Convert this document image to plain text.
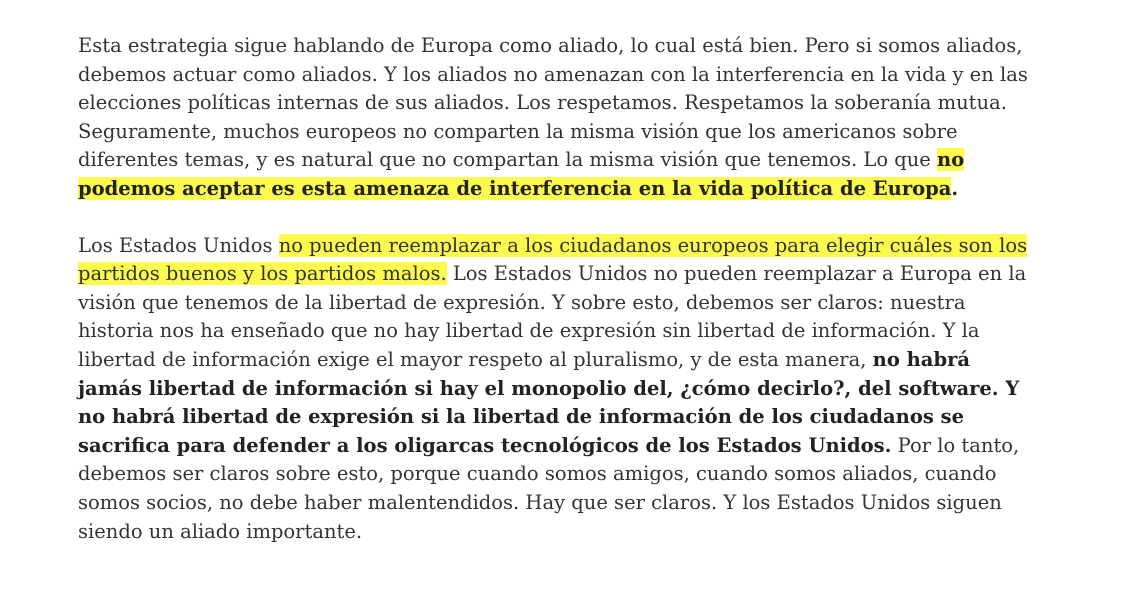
Esta estrategia sigue hablando de Europa como aliado, lo cual está bien. Pero si somos aliados, debemos actuar como aliados. Y los aliados no amenazan con la interferencia en la vida y en las elecciones políticas internas de sus aliados. Los respetamos. Respetamos la soberanía mutua. Seguramente, muchos europeos no comparten la misma visión que los americanos sobre diferentes temas, y es natural que no compartan la misma visión que tenemos. Lo que no podemos aceptar es esta amenaza de interferencia en la vida política de Europa.

Los Estados Unidos no pueden reemplazar a los ciudadanos europeos para elegir cuáles son los partidos buenos y los partidos malos. Los Estados Unidos no pueden reemplazar a Europa en la visión que tenemos de la libertad de expresión. Y sobre esto, debemos ser claros: nuestra historia nos ha enseñado que no hay libertad de expresión sin libertad de información. Y la libertad de información exige el mayor respeto al pluralismo, y de esta manera, no habrá jamás libertad de información si hay el monopolio del, ¿cómo decirlo?, del software. Y no habrá libertad de expresión si la libertad de información de los ciudadanos se sacrifica para defender a los oligarcas tecnológicos de los Estados Unidos. Por lo tanto, debemos ser claros sobre esto, porque cuando somos amigos, cuando somos aliados, cuando somos socios, no debe haber malentendidos. Hay que ser claros. Y los Estados Unidos siguen siendo un aliado importante.
